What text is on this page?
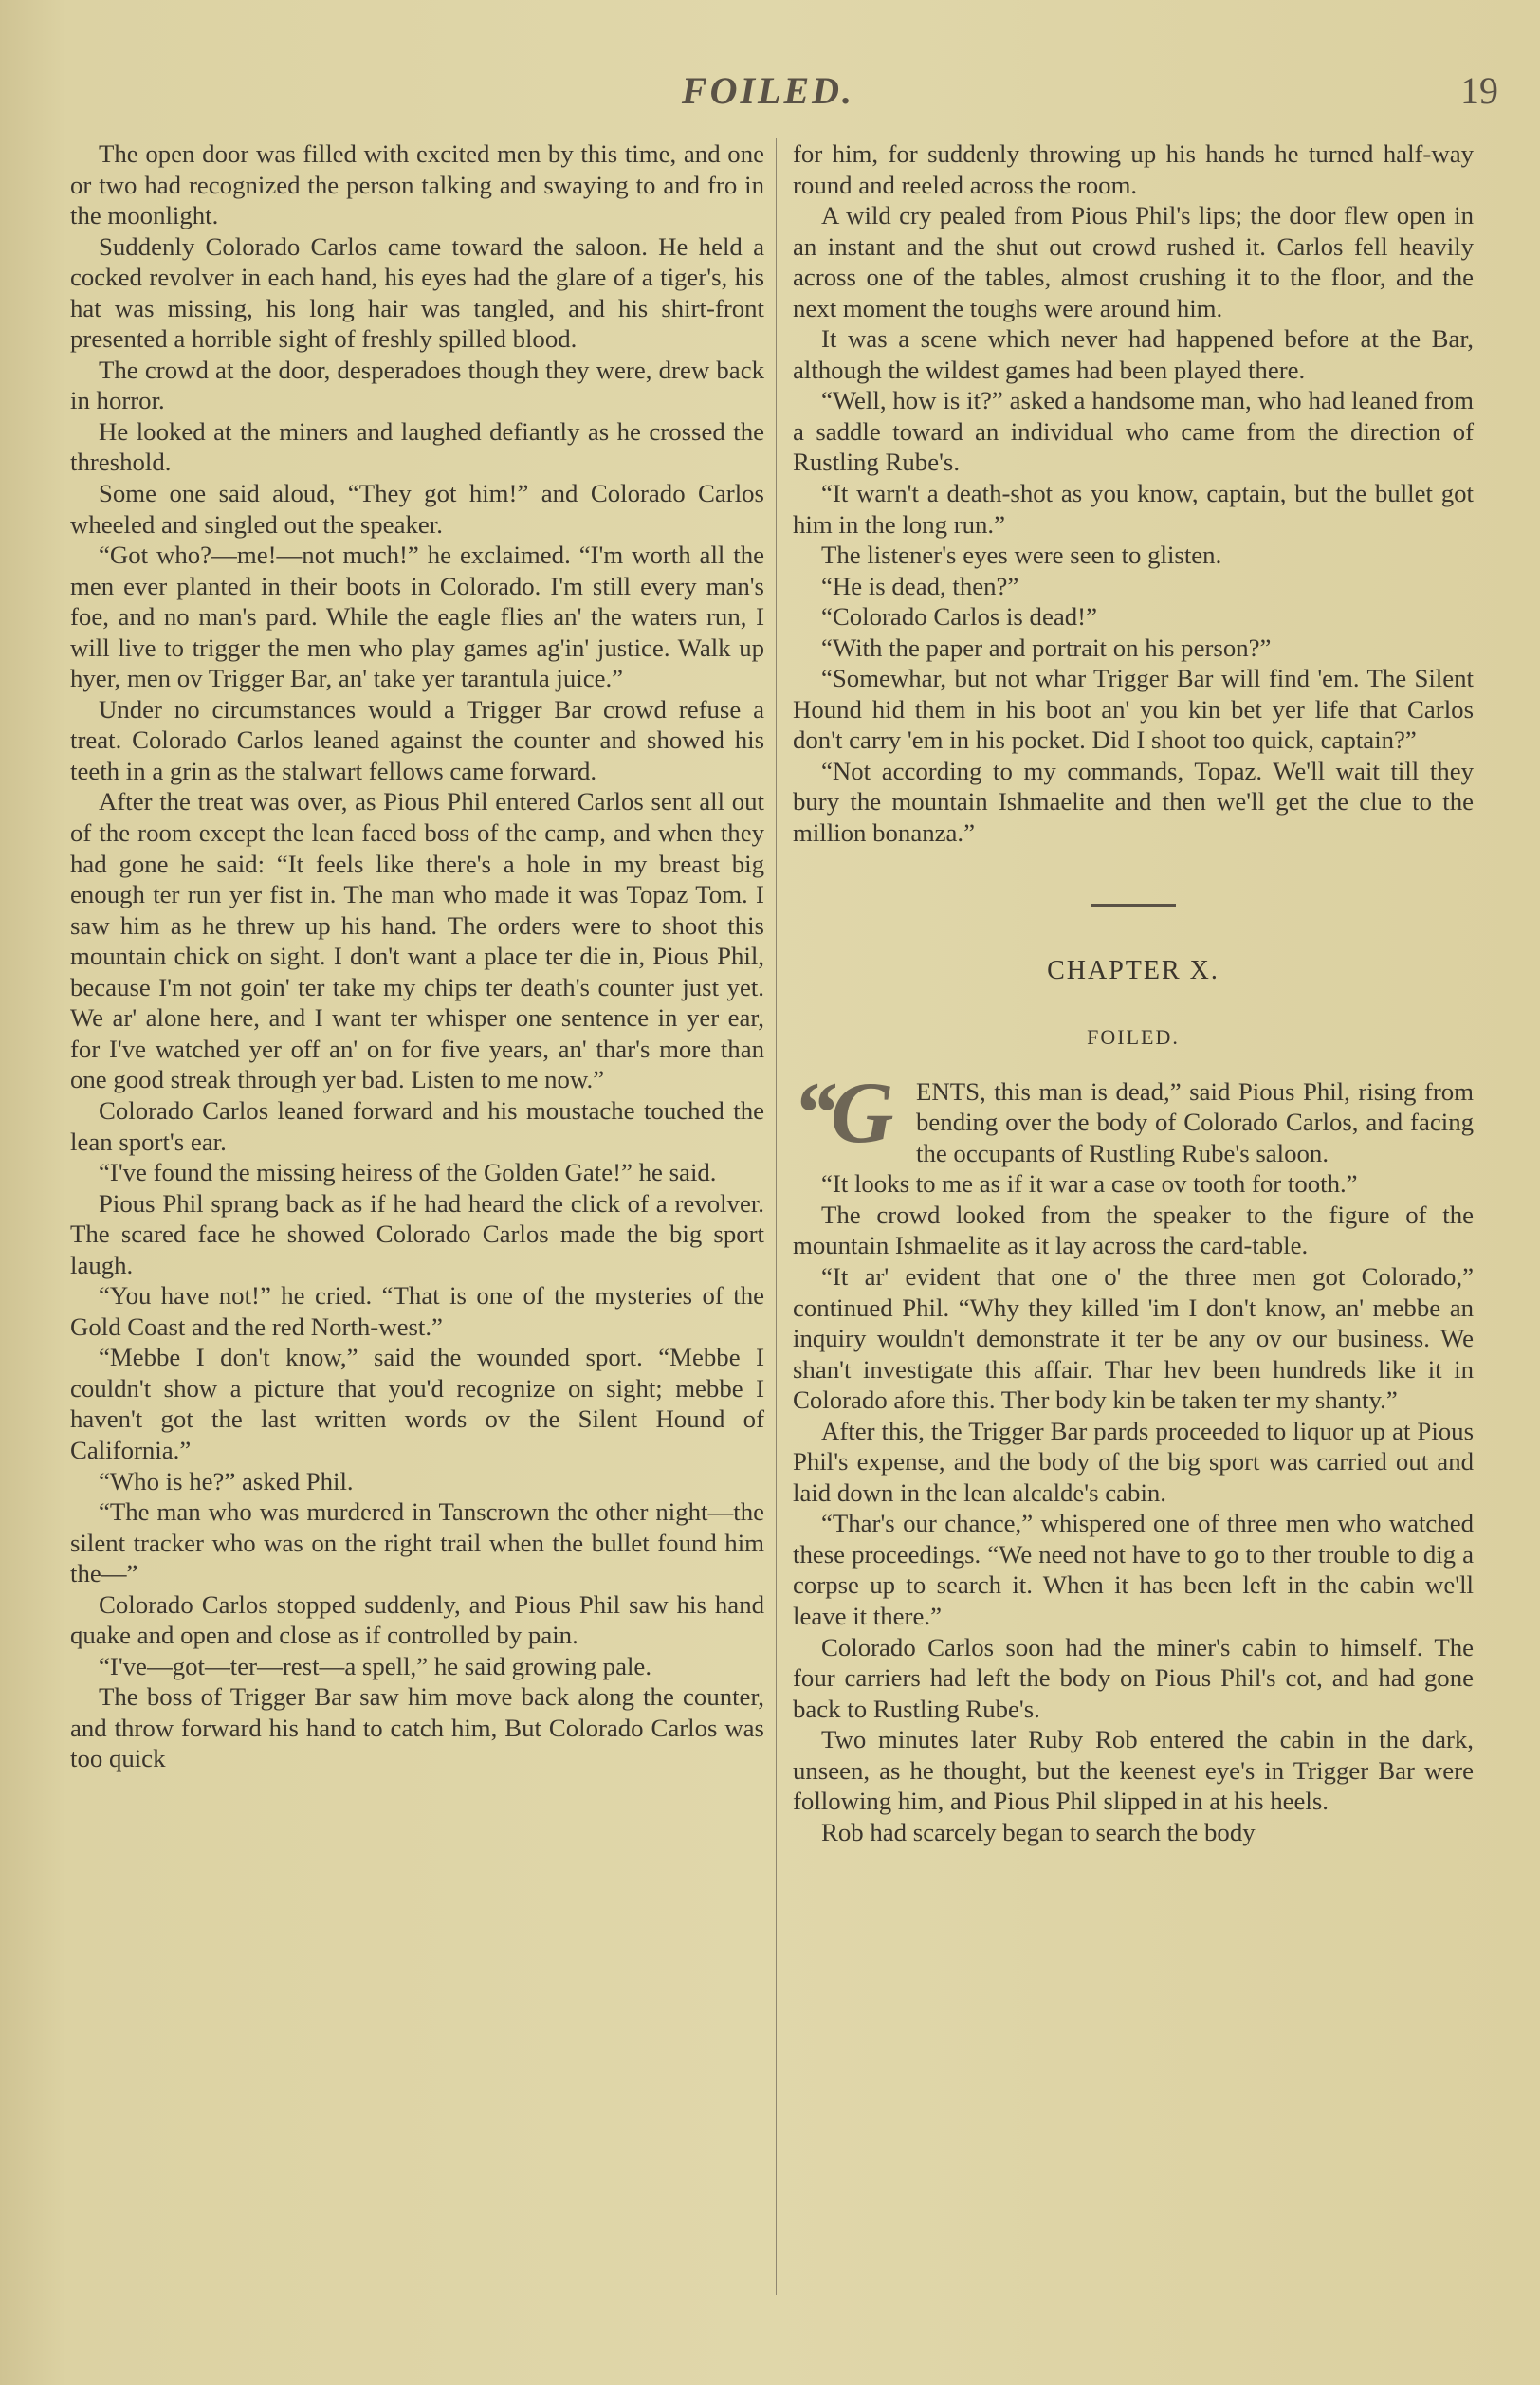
FOILED.	19

The open door was filled with excited men by this time, and one or two had recognized the person talking and swaying to and fro in the moonlight.

Suddenly Colorado Carlos came toward the saloon. He held a cocked revolver in each hand, his eyes had the glare of a tiger's, his hat was missing, his long hair was tangled, and his shirt-front presented a horrible sight of freshly spilled blood.

The crowd at the door, desperadoes though they were, drew back in horror.

He looked at the miners and laughed defiantly as he crossed the threshold.

Some one said aloud, “They got him!” and Colorado Carlos wheeled and singled out the speaker.

“Got who?—me!—not much!” he exclaimed. “I'm worth all the men ever planted in their boots in Colorado. I'm still every man's foe, and no man's pard. While the eagle flies an' the waters run, I will live to trigger the men who play games ag'in' justice. Walk up hyer, men ov Trigger Bar, an' take yer tarantula juice.”

Under no circumstances would a Trigger Bar crowd refuse a treat. Colorado Carlos leaned against the counter and showed his teeth in a grin as the stalwart fellows came forward.

After the treat was over, as Pious Phil entered Carlos sent all out of the room except the lean faced boss of the camp, and when they had gone he said: “It feels like there's a hole in my breast big enough ter run yer fist in. The man who made it was Topaz Tom. I saw him as he threw up his hand. The orders were to shoot this mountain chick on sight. I don't want a place ter die in, Pious Phil, because I'm not goin' ter take my chips ter death's counter just yet. We ar' alone here, and I want ter whisper one sentence in yer ear, for I've watched yer off an' on for five years, an' thar's more than one good streak through yer bad. Listen to me now.”

Colorado Carlos leaned forward and his moustache touched the lean sport's ear.

“I've found the missing heiress of the Golden Gate!” he said.

Pious Phil sprang back as if he had heard the click of a revolver. The scared face he showed Colorado Carlos made the big sport laugh.

“You have not!” he cried. “That is one of the mysteries of the Gold Coast and the red North-west.”

“Mebbe I don't know,” said the wounded sport. “Mebbe I couldn't show a picture that you'd recognize on sight; mebbe I haven't got the last written words ov the Silent Hound of California.”

“Who is he?” asked Phil.

“The man who was murdered in Tanscrown the other night—the silent tracker who was on the right trail when the bullet found him the—”

Colorado Carlos stopped suddenly, and Pious Phil saw his hand quake and open and close as if controlled by pain.

“I've—got—ter—rest—a spell,” he said growing pale.

The boss of Trigger Bar saw him move back along the counter, and throw forward his hand to catch him, But Colorado Carlos was too quick

for him, for suddenly throwing up his hands he turned half-way round and reeled across the room.

A wild cry pealed from Pious Phil's lips; the door flew open in an instant and the shut out crowd rushed it. Carlos fell heavily across one of the tables, almost crushing it to the floor, and the next moment the toughs were around him.

It was a scene which never had happened before at the Bar, although the wildest games had been played there.

“Well, how is it?” asked a handsome man, who had leaned from a saddle toward an individual who came from the direction of Rustling Rube's.

“It warn't a death-shot as you know, captain, but the bullet got him in the long run.”

The listener's eyes were seen to glisten.

“He is dead, then?”

“Colorado Carlos is dead!”

“With the paper and portrait on his person?”

“Somewhar, but not whar Trigger Bar will find 'em. The Silent Hound hid them in his boot an' you kin bet yer life that Carlos don't carry 'em in his pocket. Did I shoot too quick, captain?”

“Not according to my commands, Topaz. We'll wait till they bury the mountain Ishmaelite and then we'll get the clue to the million bonanza.”

CHAPTER X.
FOILED.

“G	ENTS, this man is dead,” said Pious Phil, rising from bending over the body of Colorado Carlos, and facing the occupants of Rustling Rube's saloon.

“It looks to me as if it war a case ov tooth for tooth.”

The crowd looked from the speaker to the figure of the mountain Ishmaelite as it lay across the card-table.

“It ar' evident that one o' the three men got Colorado,” continued Phil. “Why they killed 'im I don't know, an' mebbe an inquiry wouldn't demonstrate it ter be any ov our business. We shan't investigate this affair. Thar hev been hundreds like it in Colorado afore this. Ther body kin be taken ter my shanty.”

After this, the Trigger Bar pards proceeded to liquor up at Pious Phil's expense, and the body of the big sport was carried out and laid down in the lean alcalde's cabin.

“Thar's our chance,” whispered one of three men who watched these proceedings. “We need not have to go to ther trouble to dig a corpse up to search it. When it has been left in the cabin we'll leave it there.”

Colorado Carlos soon had the miner's cabin to himself. The four carriers had left the body on Pious Phil's cot, and had gone back to Rustling Rube's.

Two minutes later Ruby Rob entered the cabin in the dark, unseen, as he thought, but the keenest eye's in Trigger Bar were following him, and Pious Phil slipped in at his heels.

Rob had scarcely began to search the body
